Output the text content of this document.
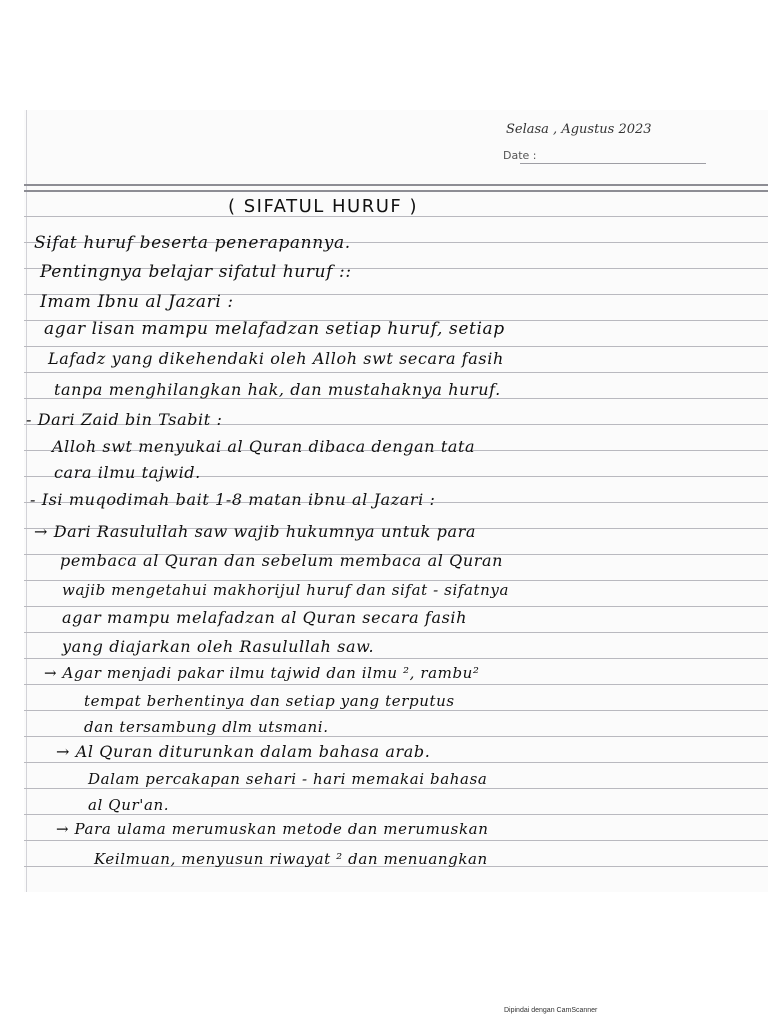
Selasa , Agustus 2023
Date :
( SIFATUL HURUF )
Sifat huruf beserta penerapannya.
Pentingnya belajar sifatul huruf ::
Imam Ibnu al Jazari :
agar lisan mampu melafadzan setiap huruf, setiap
Lafadz yang dikehendaki oleh Alloh swt secara fasih
tanpa menghilangkan hak, dan mustahaknya huruf.
- Dari Zaid bin Tsabit :
Alloh swt menyukai al Quran dibaca dengan tata
cara ilmu tajwid.
- Isi muqodimah bait 1-8 matan ibnu al Jazari :
→ Dari Rasulullah saw wajib hukumnya untuk para
pembaca al Quran dan sebelum membaca al Quran
wajib mengetahui makhorijul huruf dan sifat - sifatnya
agar mampu melafadzan al Quran secara fasih
yang diajarkan oleh Rasulullah saw.
→ Agar menjadi pakar ilmu tajwid dan ilmu ², rambu²
tempat berhentinya dan setiap yang terputus
dan tersambung dlm utsmani.
→ Al Quran diturunkan dalam bahasa arab.
Dalam percakapan sehari - hari memakai bahasa
al Qur'an.
→ Para ulama merumuskan metode dan merumuskan
Keilmuan, menyusun riwayat ² dan menuangkan
Dipindai dengan CamScanner
